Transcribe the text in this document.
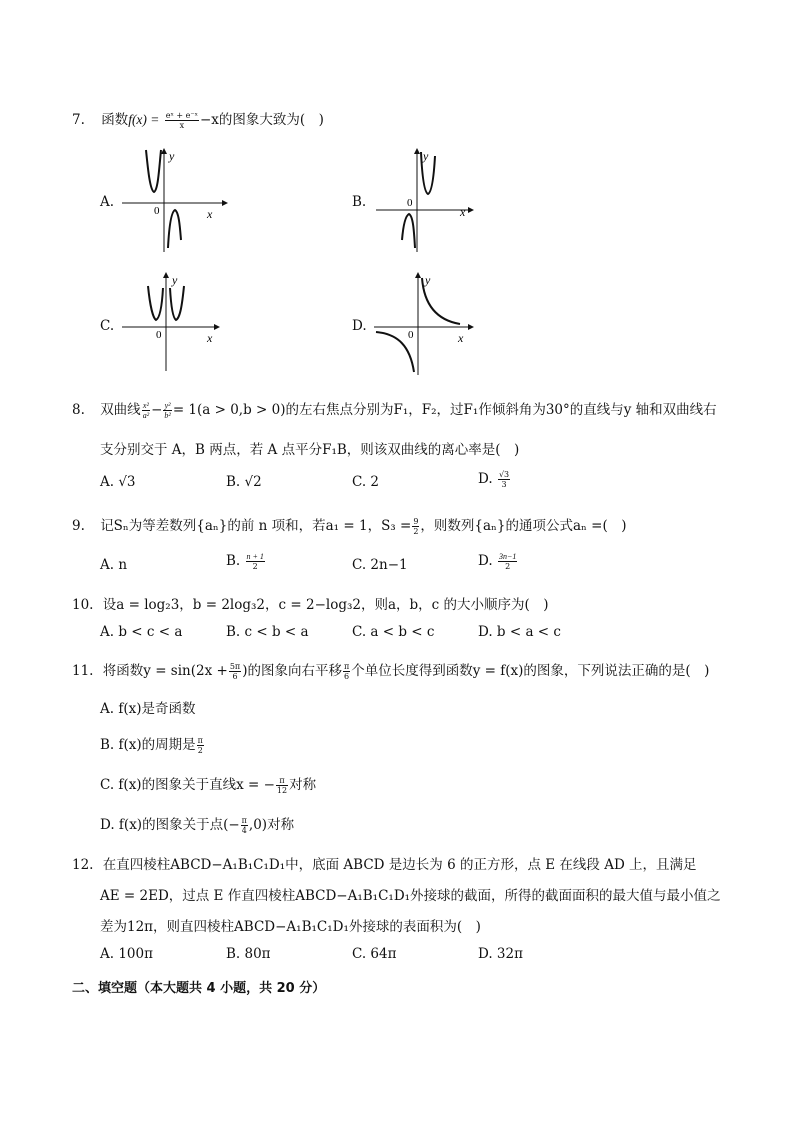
7. 函数$f(x) = \frac{\text{eˣ + e⁻ˣ}}{x} -x$的图象大致为(　)
A.
x
y
0
B.
x
y
0
C.
x
y
0
D.
x
y
0
8. 双曲线 $\frac{\text{x²}}{\text{a²}} - \frac{\text{y²}}{\text{b²}} = 1(a > 0,b > 0)$的左右焦点分别为F₁，F₂，过F₁作倾斜角为30°的直线与y 轴和双曲线右
支分别交于 A，B 两点，若 A 点平分F₁B，则该双曲线的离心率是(　)
A. √3	B. √2	C. 2	D. $\frac{√3}{3}$
9. 记Sₙ为等差数列{aₙ}的前 n 项和，若a₁ = 1，$S_3 = \frac{9}{2}$ ，则数列{aₙ}的通项公式aₙ =(　)
A. n	B. $\frac{n + 1}{2}$	C. 2n−1	D. $\frac{3n-1}{2}$
10. 设a = log₂3，b = 2log₃2，c = 2−log₃2，则a，b，c 的大小顺序为(　)
A. b < c < a	B. c < b < a	C. a < b < c	D. b < a < c
11. 将函数$y = \sin(2x + \frac{5\pi}{6}$ )的图象向右平移 $\frac{\pi}{6}$ 个单位长度得到函数y = f(x)的图象，下列说法正确的是(　)
A. f(x)是奇函数
B. f(x)的周期是 $\frac{\pi}{2}$
C. f(x)的图象关于直线x = − $\frac{\pi}{12}$ 对称
D. f(x)的图象关于点(− $\frac{\pi}{4} ,0$)对称
12. 在直四棱柱ABCD−A₁B₁C₁D₁中，底面 ABCD 是边长为 6 的正方形，点 E 在线段 AD 上，且满足
AE = 2ED，过点 E 作直四棱柱ABCD−A₁B₁C₁D₁外接球的截面，所得的截面面积的最大值与最小值之
差为12π，则直四棱柱ABCD−A₁B₁C₁D₁外接球的表面积为(　)
A. 100π	B. 80π	C. 64π	D. 32π
二、填空题（本大题共 4 小题，共 20 分）
